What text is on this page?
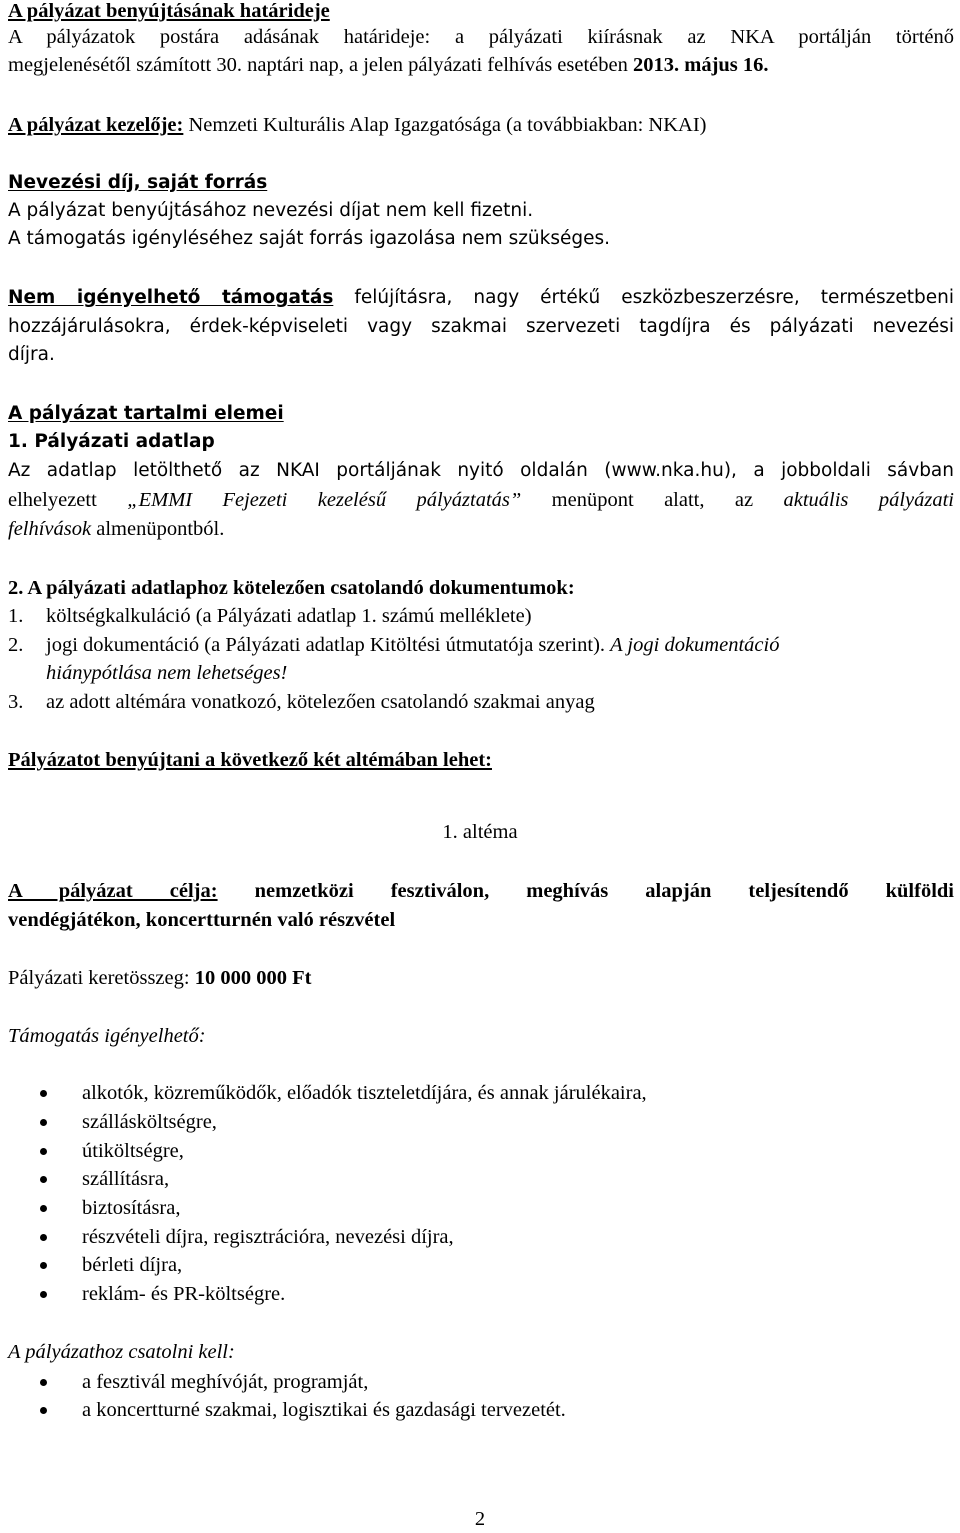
A pályázat benyújtásának határideje
A pályázatok postára adásának határideje: a pályázati kiírásnak az NKA portálján történő
megjelenésétől számított 30. naptári nap, a jelen pályázati felhívás esetében 2013. május 16.
A pályázat kezelője: Nemzeti Kulturális Alap Igazgatósága (a továbbiakban: NKAI)
Nevezési díj, saját forrás
A pályázat benyújtásához nevezési díjat nem kell fizetni.
A támogatás igényléséhez saját forrás igazolása nem szükséges.
Nem igényelhető támogatás felújításra, nagy értékű eszközbeszerzésre, természetbeni
hozzájárulásokra, érdek-képviseleti vagy szakmai szervezeti tagdíjra és pályázati nevezési
díjra.
A pályázat tartalmi elemei
1. Pályázati adatlap
Az adatlap letölthető az NKAI portáljának nyitó oldalán (www.nka.hu), a jobboldali sávban
elhelyezett „EMMI Fejezeti kezelésű pályáztatás” menüpont alatt, az aktuális pályázati
felhívások almenüpontból.
2. A pályázati adatlaphoz kötelezően csatolandó dokumentumok:
1. költségkalkuláció (a Pályázati adatlap 1. számú melléklete)
2. jogi dokumentáció (a Pályázati adatlap Kitöltési útmutatója szerint). A jogi dokumentáció
hiánypótlása nem lehetséges!
3. az adott altémára vonatkozó, kötelezően csatolandó szakmai anyag
Pályázatot benyújtani a következő két altémában lehet:
1. altéma
A pályázat célja: nemzetközi fesztiválon, meghívás alapján teljesítendő külföldi
vendégjátékon, koncertturnén való részvétel
Pályázati keretösszeg: 10 000 000 Ft
Támogatás igényelhető:
alkotók, közreműködők, előadók tiszteletdíjára, és annak járulékaira,
szállásköltségre,
útiköltségre,
szállításra,
biztosításra,
részvételi díjra, regisztrációra, nevezési díjra,
bérleti díjra,
reklám- és PR-költségre.
A pályázathoz csatolni kell:
a fesztivál meghívóját, programját,
a koncertturné szakmai, logisztikai és gazdasági tervezetét.
2
